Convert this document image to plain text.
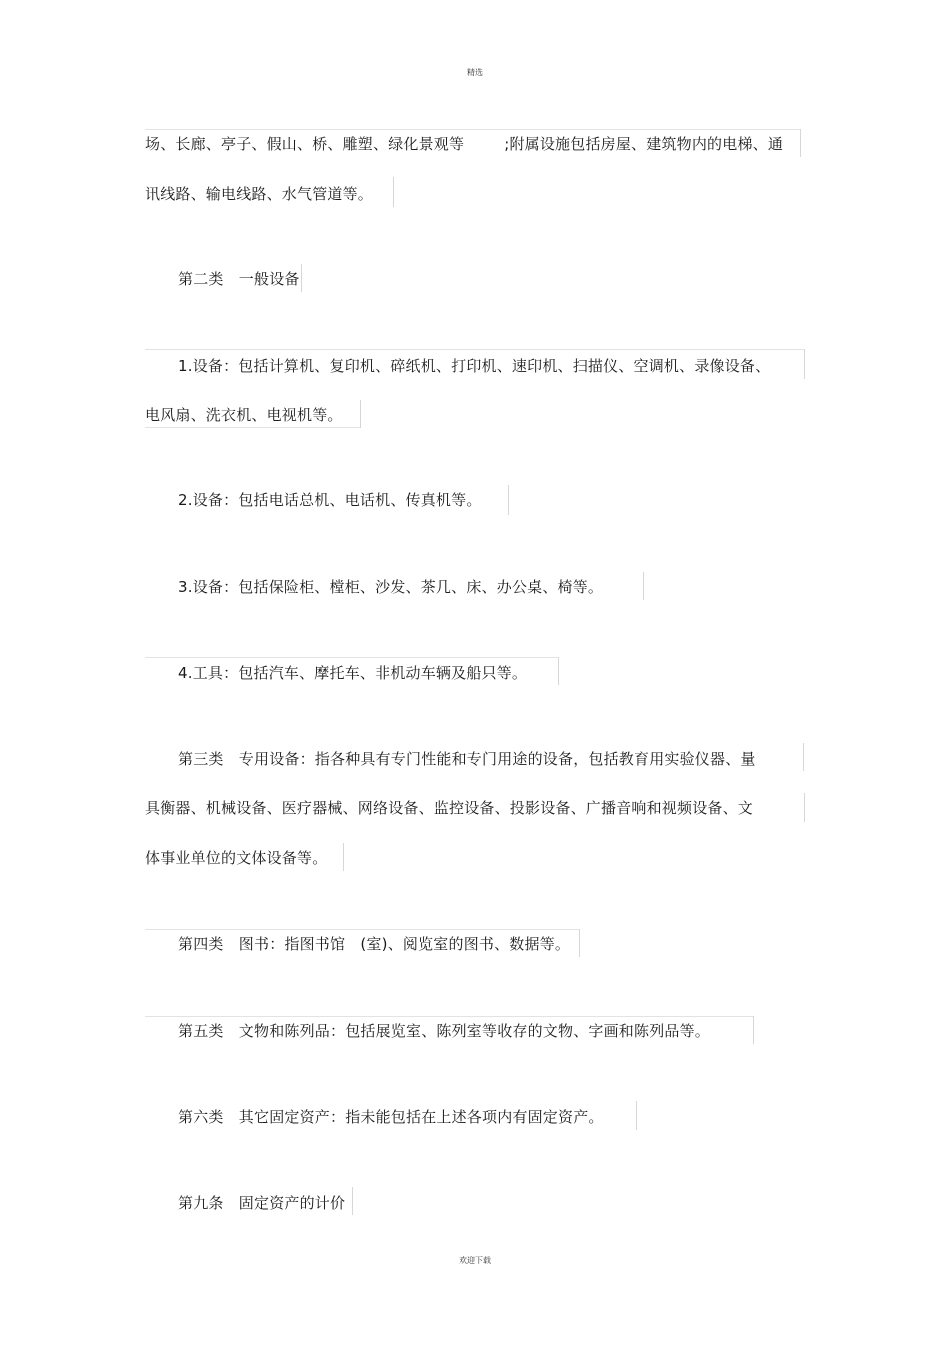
精选
场、长廊、亭子、假山、桥、雕塑、绿化景观等	;附属设施包括房屋、建筑物内的电梯、通
讯线路、输电线路、水气管道等。
第二类　一般设备
1.设备：包括计算机、复印机、碎纸机、打印机、速印机、扫描仪、空调机、录像设备、
电风扇、洗衣机、电视机等。
2.设备：包括电话总机、电话机、传真机等。
3.设备：包括保险柜、樘柜、沙发、茶几、床、办公桌、椅等。
4.工具：包括汽车、摩托车、非机动车辆及船只等。
第三类　专用设备：指各种具有专门性能和专门用途的设备，包括教育用实验仪器、量
具衡器、机械设备、医疗器械、网络设备、监控设备、投影设备、广播音响和视频设备、文
体事业单位的文体设备等。
第四类　图书：指图书馆　(室)、阅览室的图书、数据等。
第五类　文物和陈列品：包括展览室、陈列室等收存的文物、字画和陈列品等。
第六类　其它固定资产：指未能包括在上述各项内有固定资产。
第九条　固定资产的计价
欢迎下载
